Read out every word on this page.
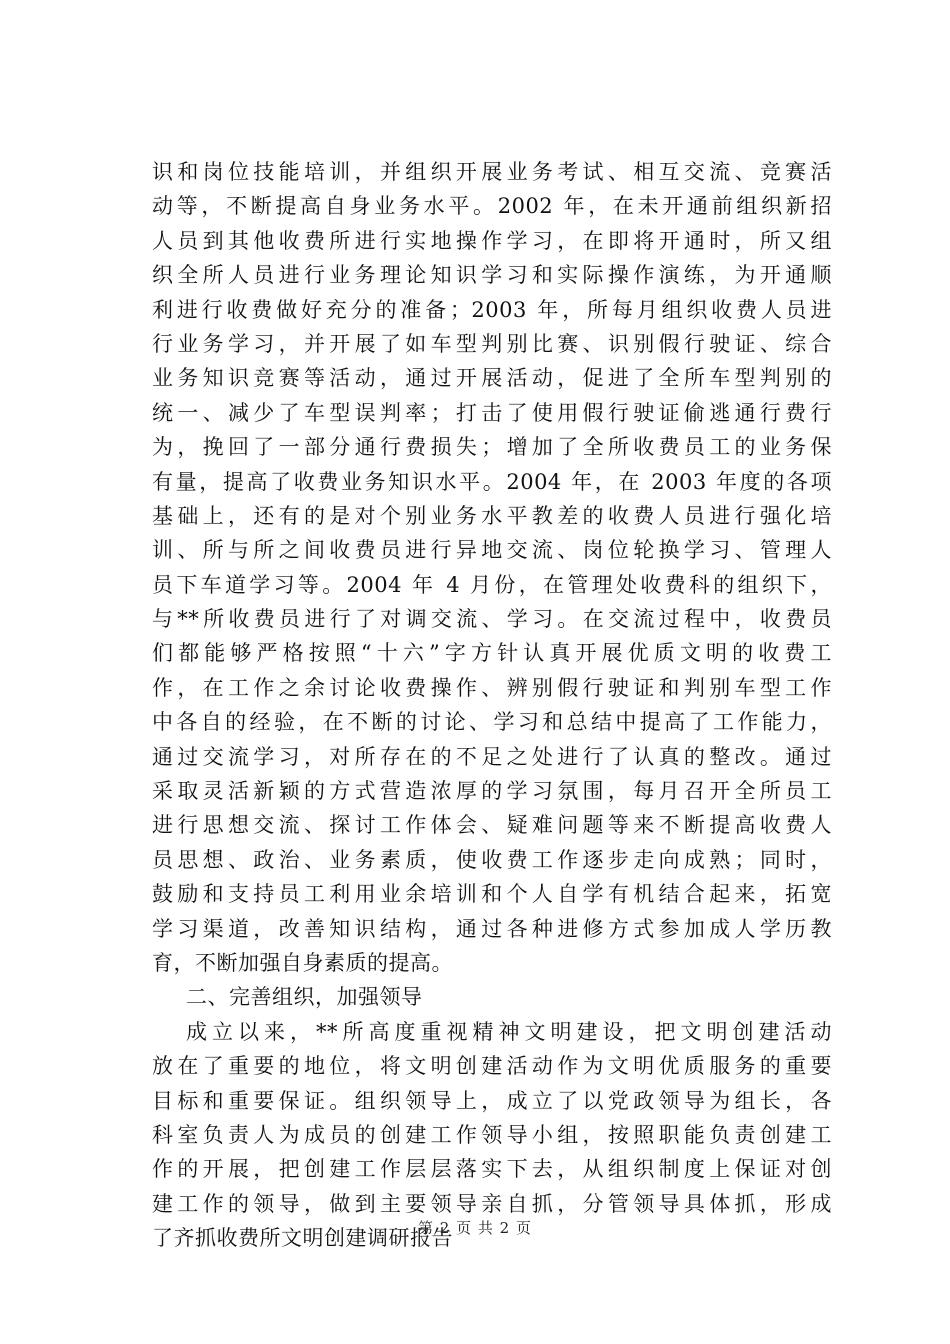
识和岗位技能培训，并组织开展业务考试、相互交流、竞赛活
动等，不断提高自身业务水平。2002 年，在未开通前组织新招
人员到其他收费所进行实地操作学习，在即将开通时，所又组
织全所人员进行业务理论知识学习和实际操作演练，为开通顺
利进行收费做好充分的准备；2003 年，所每月组织收费人员进
行业务学习，并开展了如车型判别比赛、识别假行驶证、综合
业务知识竞赛等活动，通过开展活动，促进了全所车型判别的
统一、减少了车型误判率；打击了使用假行驶证偷逃通行费行
为，挽回了一部分通行费损失；增加了全所收费员工的业务保
有量，提高了收费业务知识水平。2004 年，在 2003 年度的各项
基础上，还有的是对个别业务水平教差的收费人员进行强化培
训、所与所之间收费员进行异地交流、岗位轮换学习、管理人
员下车道学习等。2004 年 4 月份，在管理处收费科的组织下，
与**所收费员进行了对调交流、学习。在交流过程中，收费员
们都能够严格按照“十六”字方针认真开展优质文明的收费工
作，在工作之余讨论收费操作、辨别假行驶证和判别车型工作
中各自的经验，在不断的讨论、学习和总结中提高了工作能力，
通过交流学习，对所存在的不足之处进行了认真的整改。通过
采取灵活新颖的方式营造浓厚的学习氛围，每月召开全所员工
进行思想交流、探讨工作体会、疑难问题等来不断提高收费人
员思想、政治、业务素质，使收费工作逐步走向成熟；同时，
鼓励和支持员工利用业余培训和个人自学有机结合起来，拓宽
学习渠道，改善知识结构，通过各种进修方式参加成人学历教
育，不断加强自身素质的提高。
二、完善组织，加强领导
成立以来，**所高度重视精神文明建设，把文明创建活动
放在了重要的地位，将文明创建活动作为文明优质服务的重要
目标和重要保证。组织领导上，成立了以党政领导为组长，各
科室负责人为成员的创建工作领导小组，按照职能负责创建工
作的开展，把创建工作层层落实下去，从组织制度上保证对创
建工作的领导，做到主要领导亲自抓，分管领导具体抓，形成
了齐抓收费所文明创建调研报告
第 2 页 共 2 页
